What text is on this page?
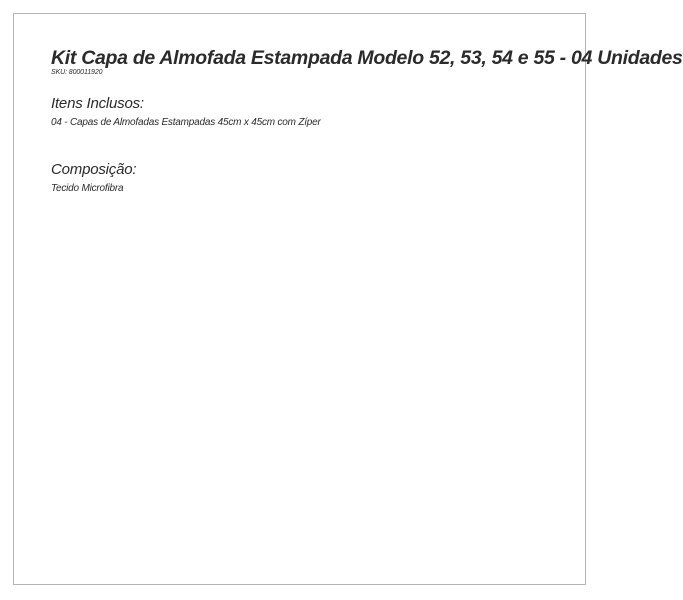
Kit Capa de Almofada Estampada Modelo 52, 53, 54 e 55 - 04 Unidades
SKU: 800011920
Itens Inclusos:
04 - Capas de Almofadas Estampadas 45cm x 45cm com Zíper
Composição:
Tecido Microfibra
